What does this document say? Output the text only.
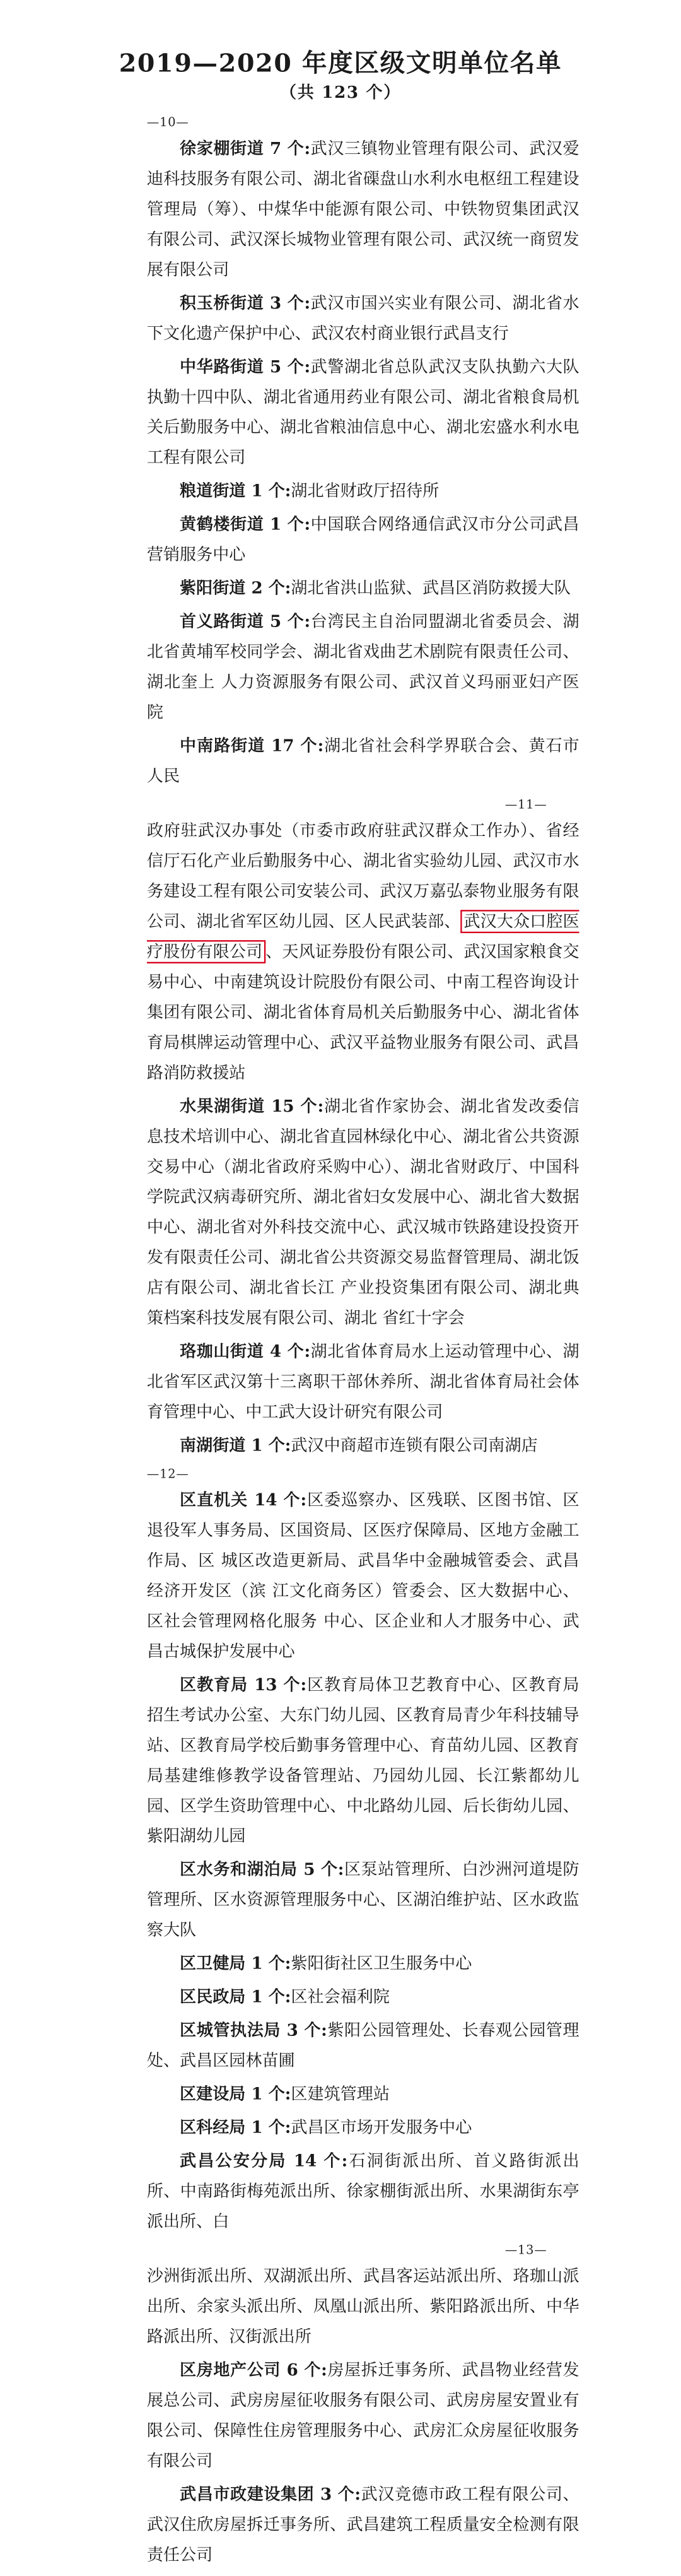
—10—
2019—2020 年度区级文明单位名单
（共 123 个）

徐家棚街道 7 个:武汉三镇物业管理有限公司、武汉爱迪科技服务有限公司、湖北省磲盘山水利水电枢纽工程建设管理局（筹）、中煤华中能源有限公司、中铁物贸集团武汉有限公司、武汉深长城物业管理有限公司、武汉统一商贸发展有限公司

积玉桥街道 3 个:武汉市国兴实业有限公司、湖北省水下文化遗产保护中心、武汉农村商业银行武昌支行

中华路街道 5 个:武警湖北省总队武汉支队执勤六大队执勤十四中队、湖北省通用药业有限公司、湖北省粮食局机关后勤服务中心、湖北省粮油信息中心、湖北宏盛水利水电工程有限公司

粮道街道 1 个:湖北省财政厅招待所

黄鹤楼街道 1 个:中国联合网络通信武汉市分公司武昌营销服务中心

紫阳街道 2 个:湖北省洪山监狱、武昌区消防救援大队

首义路街道 5 个:台湾民主自治同盟湖北省委员会、湖北省黄埔军校同学会、湖北省戏曲艺术剧院有限责任公司、湖北奎上 人力资源服务有限公司、武汉首义玛丽亚妇产医院

中南路街道 17 个:湖北省社会科学界联合会、黄石市人民

—11—

政府驻武汉办事处（市委市政府驻武汉群众工作办）、省经信厅石化产业后勤服务中心、湖北省实验幼儿园、武汉市水务建设工程有限公司安装公司、武汉万嘉弘泰物业服务有限公司、湖北省军区幼儿园、区人民武装部、 武汉大众口腔医疗股份有限公司 、天风证券股份有限公司、武汉国家粮食交易中心、中南建筑设计院股份有限公司、中南工程咨询设计集团有限公司、湖北省体育局机关后勤服务中心、湖北省体育局棋牌运动管理中心、武汉平益物业服务有限公司、武昌路消防救援站

水果湖街道 15 个:湖北省作家协会、湖北省发改委信息技术培训中心、湖北省直园林绿化中心、湖北省公共资源交易中心（湖北省政府采购中心）、湖北省财政厅、中国科学院武汉病毒研究所、湖北省妇女发展中心、湖北省大数据中心、湖北省对外科技交流中心、武汉城市铁路建设投资开发有限责任公司、湖北省公共资源交易监督管理局、湖北饭店有限公司、湖北省长江 产业投资集团有限公司、湖北典策档案科技发展有限公司、湖北 省红十字会

珞珈山街道 4 个:湖北省体育局水上运动管理中心、湖北省军区武汉第十三离职干部休养所、湖北省体育局社会体育管理中心、中工武大设计研究有限公司

南湖街道 1 个:武汉中商超市连锁有限公司南湖店

—12—

区直机关 14 个:区委巡察办、区残联、区图书馆、区退役军人事务局、区国资局、区医疗保障局、区地方金融工作局、区 城区改造更新局、武昌华中金融城管委会、武昌经济开发区（滨 江文化商务区）管委会、区大数据中心、区社会管理网格化服务 中心、区企业和人才服务中心、武昌古城保护发展中心

区教育局 13 个:区教育局体卫艺教育中心、区教育局招生考试办公室、大东门幼儿园、区教育局青少年科技辅导站、区教育局学校后勤事务管理中心、育苗幼儿园、区教育局基建维修教学设备管理站、乃园幼儿园、长江紫都幼儿园、区学生资助管理中心、中北路幼儿园、后长街幼儿园、紫阳湖幼儿园

区水务和湖泊局 5 个:区泵站管理所、白沙洲河道堤防管理所、区水资源管理服务中心、区湖泊维护站、区水政监察大队

区卫健局 1 个:紫阳街社区卫生服务中心

区民政局 1 个:区社会福利院

区城管执法局 3 个:紫阳公园管理处、长春观公园管理处、武昌区园林苗圃

区建设局 1 个:区建筑管理站

区科经局 1 个:武昌区市场开发服务中心

武昌公安分局 14 个:石洞街派出所、首义路街派出所、中南路街梅苑派出所、徐家棚街派出所、水果湖街东亭派出所、白

—13—

沙洲街派出所、双湖派出所、武昌客运站派出所、珞珈山派出所、余家头派出所、凤凰山派出所、紫阳路派出所、中华路派出所、汉街派出所

区房地产公司 6 个:房屋拆迁事务所、武昌物业经营发展总公司、武房房屋征收服务有限公司、武房房屋安置业有限公司、保障性住房管理服务中心、武房汇众房屋征收服务有限公司

武昌市政建设集团 3 个:武汉竞德市政工程有限公司、武汉住欣房屋拆迁事务所、武昌建筑工程质量安全检测有限责任公司
